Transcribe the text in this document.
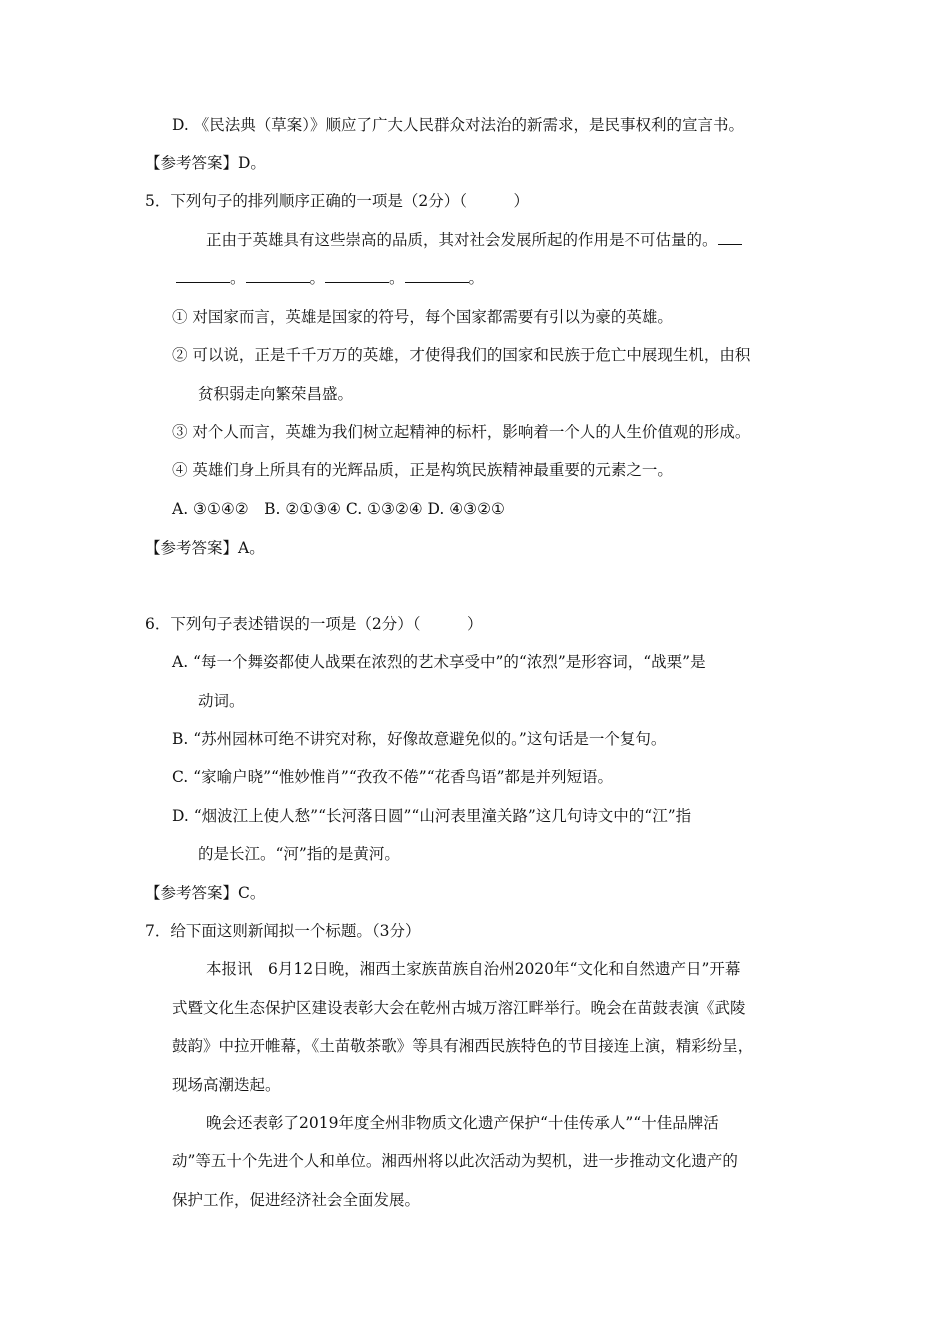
D. 《民法典（草案）》顺应了广大人民群众对法治的新需求，是民事权利的宣言书。
【参考答案】D。
5．下列句子的排列顺序正确的一项是（2分）（　　　）
正由于英雄具有这些崇高的品质，其对社会发展所起的作用是不可估量的。
。	。	。	。
① 对国家而言，英雄是国家的符号，每个国家都需要有引以为豪的英雄。
② 可以说，正是千千万万的英雄，才使得我们的国家和民族于危亡中展现生机，由积
贫积弱走向繁荣昌盛。
③ 对个人而言，英雄为我们树立起精神的标杆，影响着一个人的人生价值观的形成。
④ 英雄们身上所具有的光辉品质，正是构筑民族精神最重要的元素之一。
A. ③①④②　B. ②①③④ C. ①③②④ D. ④③②①
【参考答案】A。
6．下列句子表述错误的一项是（2分）（　　　）
A. “每一个舞姿都使人战栗在浓烈的艺术享受中”的“浓烈”是形容词，“战栗”是
动词。
B. “苏州园林可绝不讲究对称，好像故意避免似的。”这句话是一个复句。
C. “家喻户晓”“惟妙惟肖”“孜孜不倦”“花香鸟语”都是并列短语。
D. “烟波江上使人愁”“长河落日圆”“山河表里潼关路”这几句诗文中的“江”指
的是长江。“河”指的是黄河。
【参考答案】C。
7．给下面这则新闻拟一个标题。（3分）
本报讯　6月12日晚，湘西土家族苗族自治州2020年“文化和自然遗产日”开幕
式暨文化生态保护区建设表彰大会在乾州古城万溶江畔举行。晚会在苗鼓表演《武陵
鼓韵》中拉开帷幕，《土苗敬茶歌》等具有湘西民族特色的节目接连上演，精彩纷呈，
现场高潮迭起。
晚会还表彰了2019年度全州非物质文化遗产保护“十佳传承人”“十佳品牌活
动”等五十个先进个人和单位。湘西州将以此次活动为契机，进一步推动文化遗产的
保护工作，促进经济社会全面发展。
